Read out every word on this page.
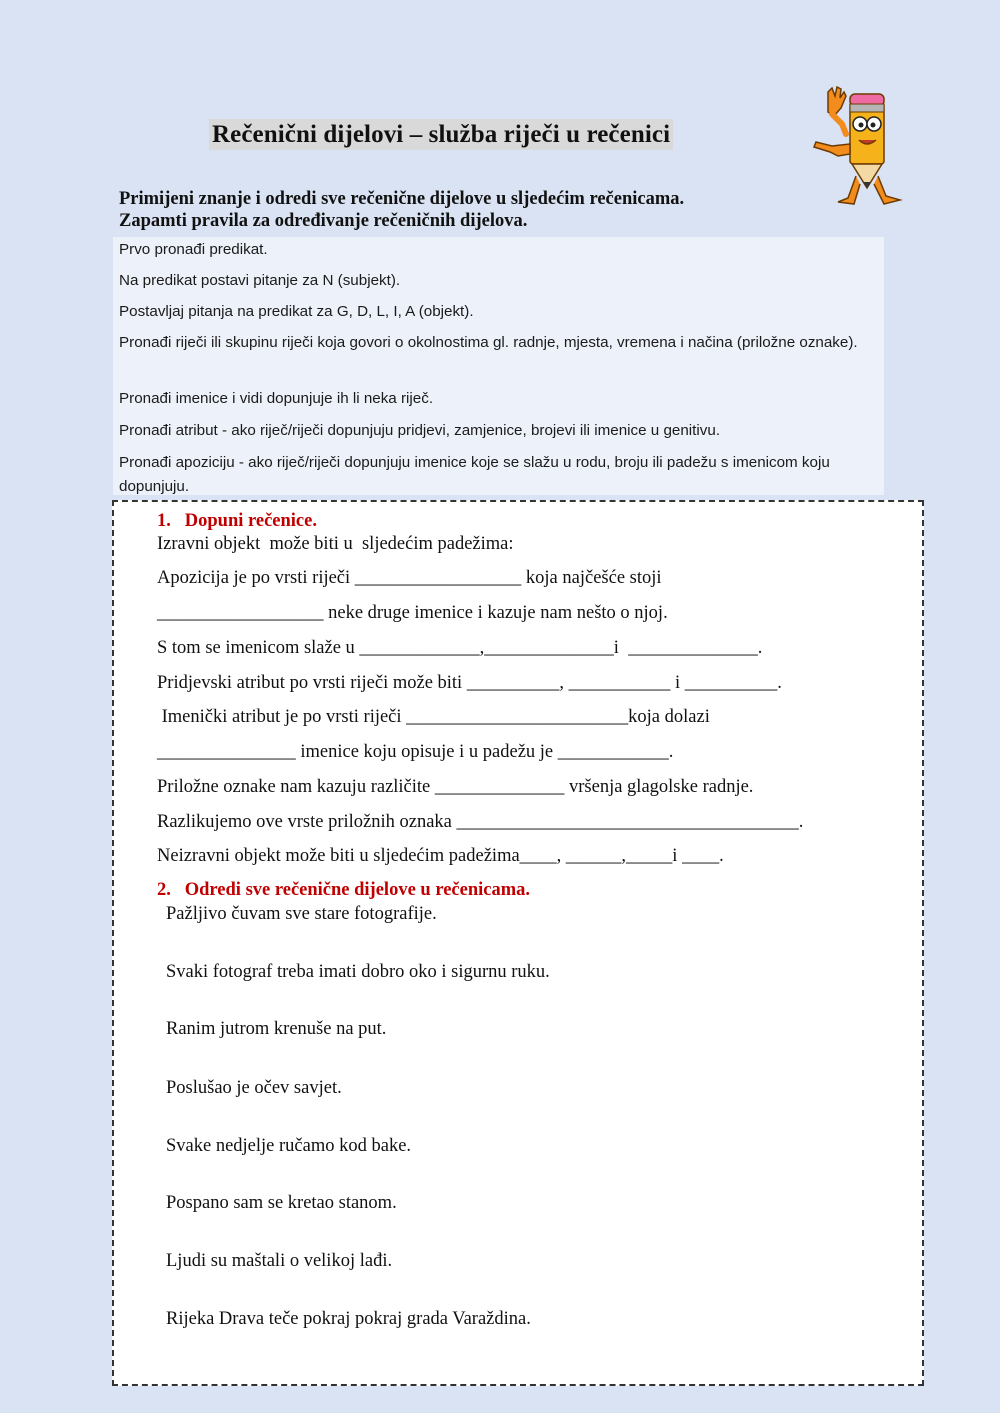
Rečenični dijelovi – služba riječi u rečenici
Primijeni znanje i odredi sve rečenične dijelove u sljedećim rečenicama.
Zapamti pravila za određivanje rečeničnih dijelova.
Prvo pronađi predikat.
Na predikat postavi pitanje za N (subjekt).
Postavljaj pitanja na predikat za G, D, L, I, A (objekt).
Pronađi riječi ili skupinu riječi koja govori o okolnostima gl. radnje, mjesta, vremena i načina (priložne oznake).
Pronađi imenice i vidi dopunjuje ih li neka riječ.
Pronađi atribut - ako riječ/riječi dopunjuju pridjevi, zamjenice, brojevi ili imenice u genitivu.
Pronađi apoziciju - ako riječ/riječi dopunjuju imenice koje se slažu u rodu, broju ili padežu s imenicom koju dopunjuju.
1.   Dopuni rečenice.
Izravni objekt  može biti u  sljedećim padežima:
Apozicija je po vrsti riječi __________________ koja najčešće stoji
__________________ neke druge imenice i kazuje nam nešto o njoj.
S tom se imenicom slaže u _____________,______________i  ______________.
Pridjevski atribut po vrsti riječi može biti __________, ___________ i __________.
Imenički atribut je po vrsti riječi ________________________koja dolazi
_______________ imenice koju opisuje i u padežu je ____________.
Priložne oznake nam kazuju različite ______________ vršenja glagolske radnje.
Razlikujemo ove vrste priložnih oznaka _____________________________________.
Neizravni objekt može biti u sljedećim padežima____, ______,_____i ____.
2.   Odredi sve rečenične dijelove u rečenicama.
Pažljivo čuvam sve stare fotografije.
Svaki fotograf treba imati dobro oko i sigurnu ruku.
Ranim jutrom krenuše na put.
Poslušao je očev savjet.
Svake nedjelje ručamo kod bake.
Pospano sam se kretao stanom.
Ljudi su maštali o velikoj lađi.
Rijeka Drava teče pokraj pokraj grada Varaždina.
